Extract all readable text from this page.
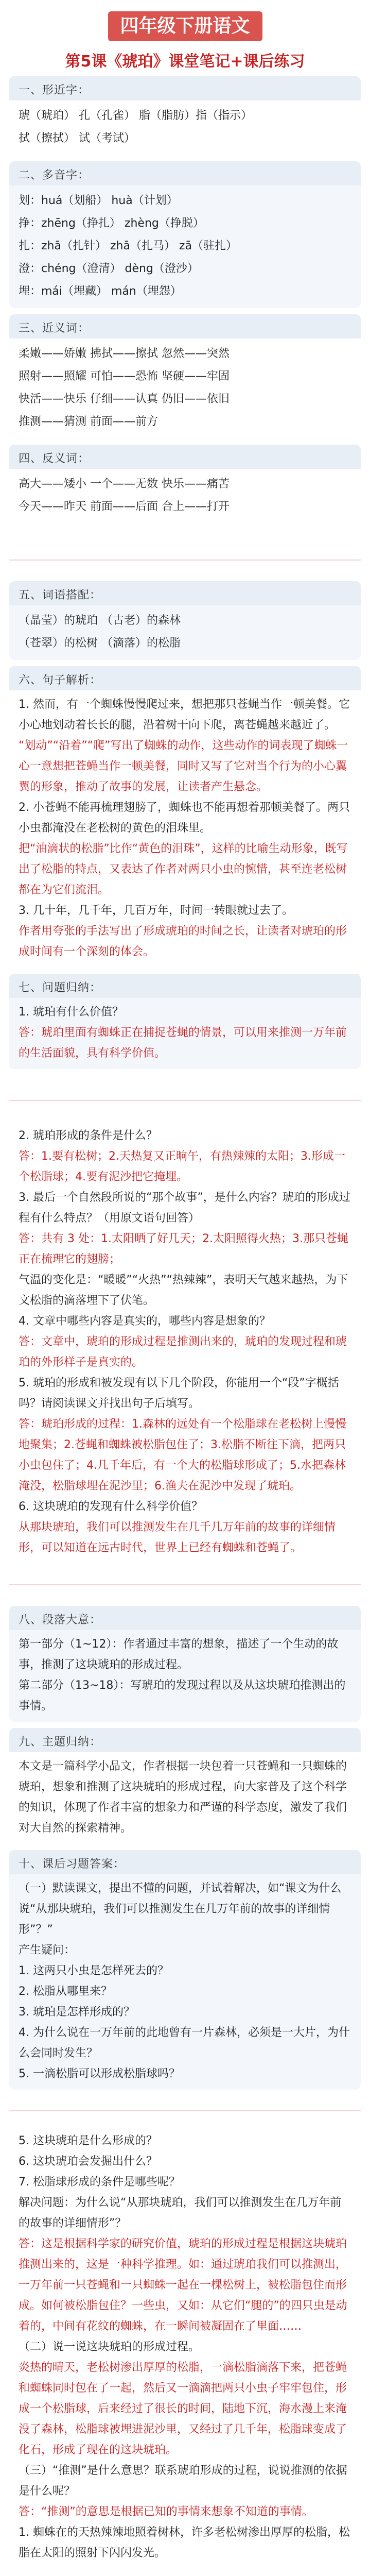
四年级下册语文
第5课《琥珀》课堂笔记+课后练习
一、形近字：
琥（琥珀） 孔（孔雀） 脂（脂肪）指（指示）
拭（擦拭） 试（考试）
二、多音字：
划：huá（划船） huà（计划）
挣：zhēng（挣扎） zhèng（挣脱）
扎：zhā（扎针） zhā（扎马） zā（驻扎）
澄：chéng（澄清） dèng（澄沙）
埋：mái（埋藏） mán（埋怨）
三、近义词：
柔嫩——娇嫩 拂拭——擦拭 忽然——突然
照射——照耀 可怕——恐怖 坚硬——牢固
快活——快乐 仔细——认真 仍旧——依旧
推测——猜测 前面——前方
四、反义词：
高大——矮小 一个——无数 快乐——痛苦
今天——昨天 前面——后面 合上——打开
五、词语搭配：
（晶莹）的琥珀 （古老）的森林
（苍翠）的松树 （滴落）的松脂
六、句子解析：
1. 然而，有一个蜘蛛慢慢爬过来，想把那只苍蝇当作一顿美餐。它小心地划动着长长的腿，沿着树干向下爬，离苍蝇越来越近了。
“划动”“沿着”“爬”写出了蜘蛛的动作，这些动作的词表现了蜘蛛一心一意想把苍蝇当作一顿美餐，同时又写了它对当个行为的小心翼翼的形象，推动了故事的发展，让读者产生悬念。
2. 小苍蝇不能再梳理翅膀了，蜘蛛也不能再想着那顿美餐了。两只小虫都淹没在老松树的黄色的泪珠里。
把“油滴状的松脂”比作“黄色的泪珠”，这样的比喻生动形象，既写出了松脂的特点，又表达了作者对两只小虫的惋惜，甚至连老松树都在为它们流泪。
3. 几十年，几千年，几百万年，时间一转眼就过去了。
作者用夸张的手法写出了形成琥珀的时间之长，让读者对琥珀的形成时间有一个深刻的体会。
七、问题归纳：
1. 琥珀有什么价值？
答：琥珀里面有蜘蛛正在捕捉苍蝇的情景，可以用来推测一万年前的生活面貌，具有科学价值。
2. 琥珀形成的条件是什么？
答：1.要有松树；2.天热复又正晌午，有热辣辣的太阳；3.形成一个松脂球；4.要有泥沙把它掩埋。
3. 最后一个自然段所说的“那个故事”，是什么内容？琥珀的形成过程有什么特点？（用原文语句回答）
答：共有 3 处：1.太阳晒了好几天；2.太阳照得火热；3.那只苍蝇正在梳理它的翅膀；
气温的变化是：“暖暖”“火热”“热辣辣”，表明天气越来越热，为下文松脂的滴落埋下了伏笔。
4. 文章中哪些内容是真实的，哪些内容是想象的？
答：文章中，琥珀的形成过程是推测出来的，琥珀的发现过程和琥珀的外形样子是真实的。
5. 琥珀的形成和被发现有以下几个阶段，你能用一个“段”字概括吗？请阅读课文并找出句子后填写。
答：琥珀形成的过程：1.森林的远处有一个松脂球在老松树上慢慢地聚集；2.苍蝇和蜘蛛被松脂包住了；3.松脂不断往下滴，把两只小虫包住了；4.几千年后，有一个大的松脂球形成了；5.水把森林淹没，松脂球埋在泥沙里；6.渔夫在泥沙中发现了琥珀。
6. 这块琥珀的发现有什么科学价值？
从那块琥珀，我们可以推测发生在几千几万年前的故事的详细情形，可以知道在远古时代，世界上已经有蜘蛛和苍蝇了。
八、段落大意：
第一部分（1~12）：作者通过丰富的想象，描述了一个生动的故事，推测了这块琥珀的形成过程。
第二部分（13~18）：写琥珀的发现过程以及从这块琥珀推测出的事情。
九、主题归纳：
本文是一篇科学小品文，作者根据一块包着一只苍蝇和一只蜘蛛的琥珀，想象和推测了这块琥珀的形成过程，向大家普及了这个科学的知识，体现了作者丰富的想象力和严谨的科学态度，激发了我们对大自然的探索精神。
十、课后习题答案：
（一）默读课文，提出不懂的问题，并试着解决，如“课文为什么说“从那块琥珀，我们可以推测发生在几万年前的故事的详细情形”？”
产生疑问：
1. 这两只小虫是怎样死去的？
2. 松脂从哪里来？
3. 琥珀是怎样形成的？
4. 为什么说在一万年前的此地曾有一片森林，必须是一大片，为什么会同时发生？
5. 一滴松脂可以形成松脂球吗？
5. 这块琥珀是什么形成的？
6. 这块琥珀会发掘出什么？
7. 松脂球形成的条件是哪些呢？
解决问题：为什么说“从那块琥珀，我们可以推测发生在几万年前的故事的详细情形”？
答：这是根据科学家的研究价值，琥珀的形成过程是根据这块琥珀推测出来的，这是一种科学推理。如：通过琥珀我们可以推测出，一万年前一只苍蝇和一只蜘蛛一起在一棵松树上，被松脂包住而形成。如何被松脂包住？一些虫，又如：从它们“腿的”的四只虫是动着的，中间有花纹的蜘蛛，在一瞬间被凝固在了里面……
（二）说一说这块琥珀的形成过程。
炎热的晴天，老松树渗出厚厚的松脂，一滴松脂滴落下来，把苍蝇和蜘蛛同时包在了一起，然后又一滴滴把两只小虫子牢牢包住，形成一个松脂球，后来经过了很长的时间，陆地下沉，海水漫上来淹没了森林，松脂球被埋进泥沙里，又经过了几千年，松脂球变成了化石，形成了现在的这块琥珀。
（三）“推测”是什么意思？联系琥珀形成的过程，说说推测的依据是什么呢？
答：“推测”的意思是根据已知的事情来想象不知道的事情。
1. 蜘蛛在的天热辣辣地照着树林，许多老松树渗出厚厚的松脂，松脂在太阳的照射下闪闪发光。
